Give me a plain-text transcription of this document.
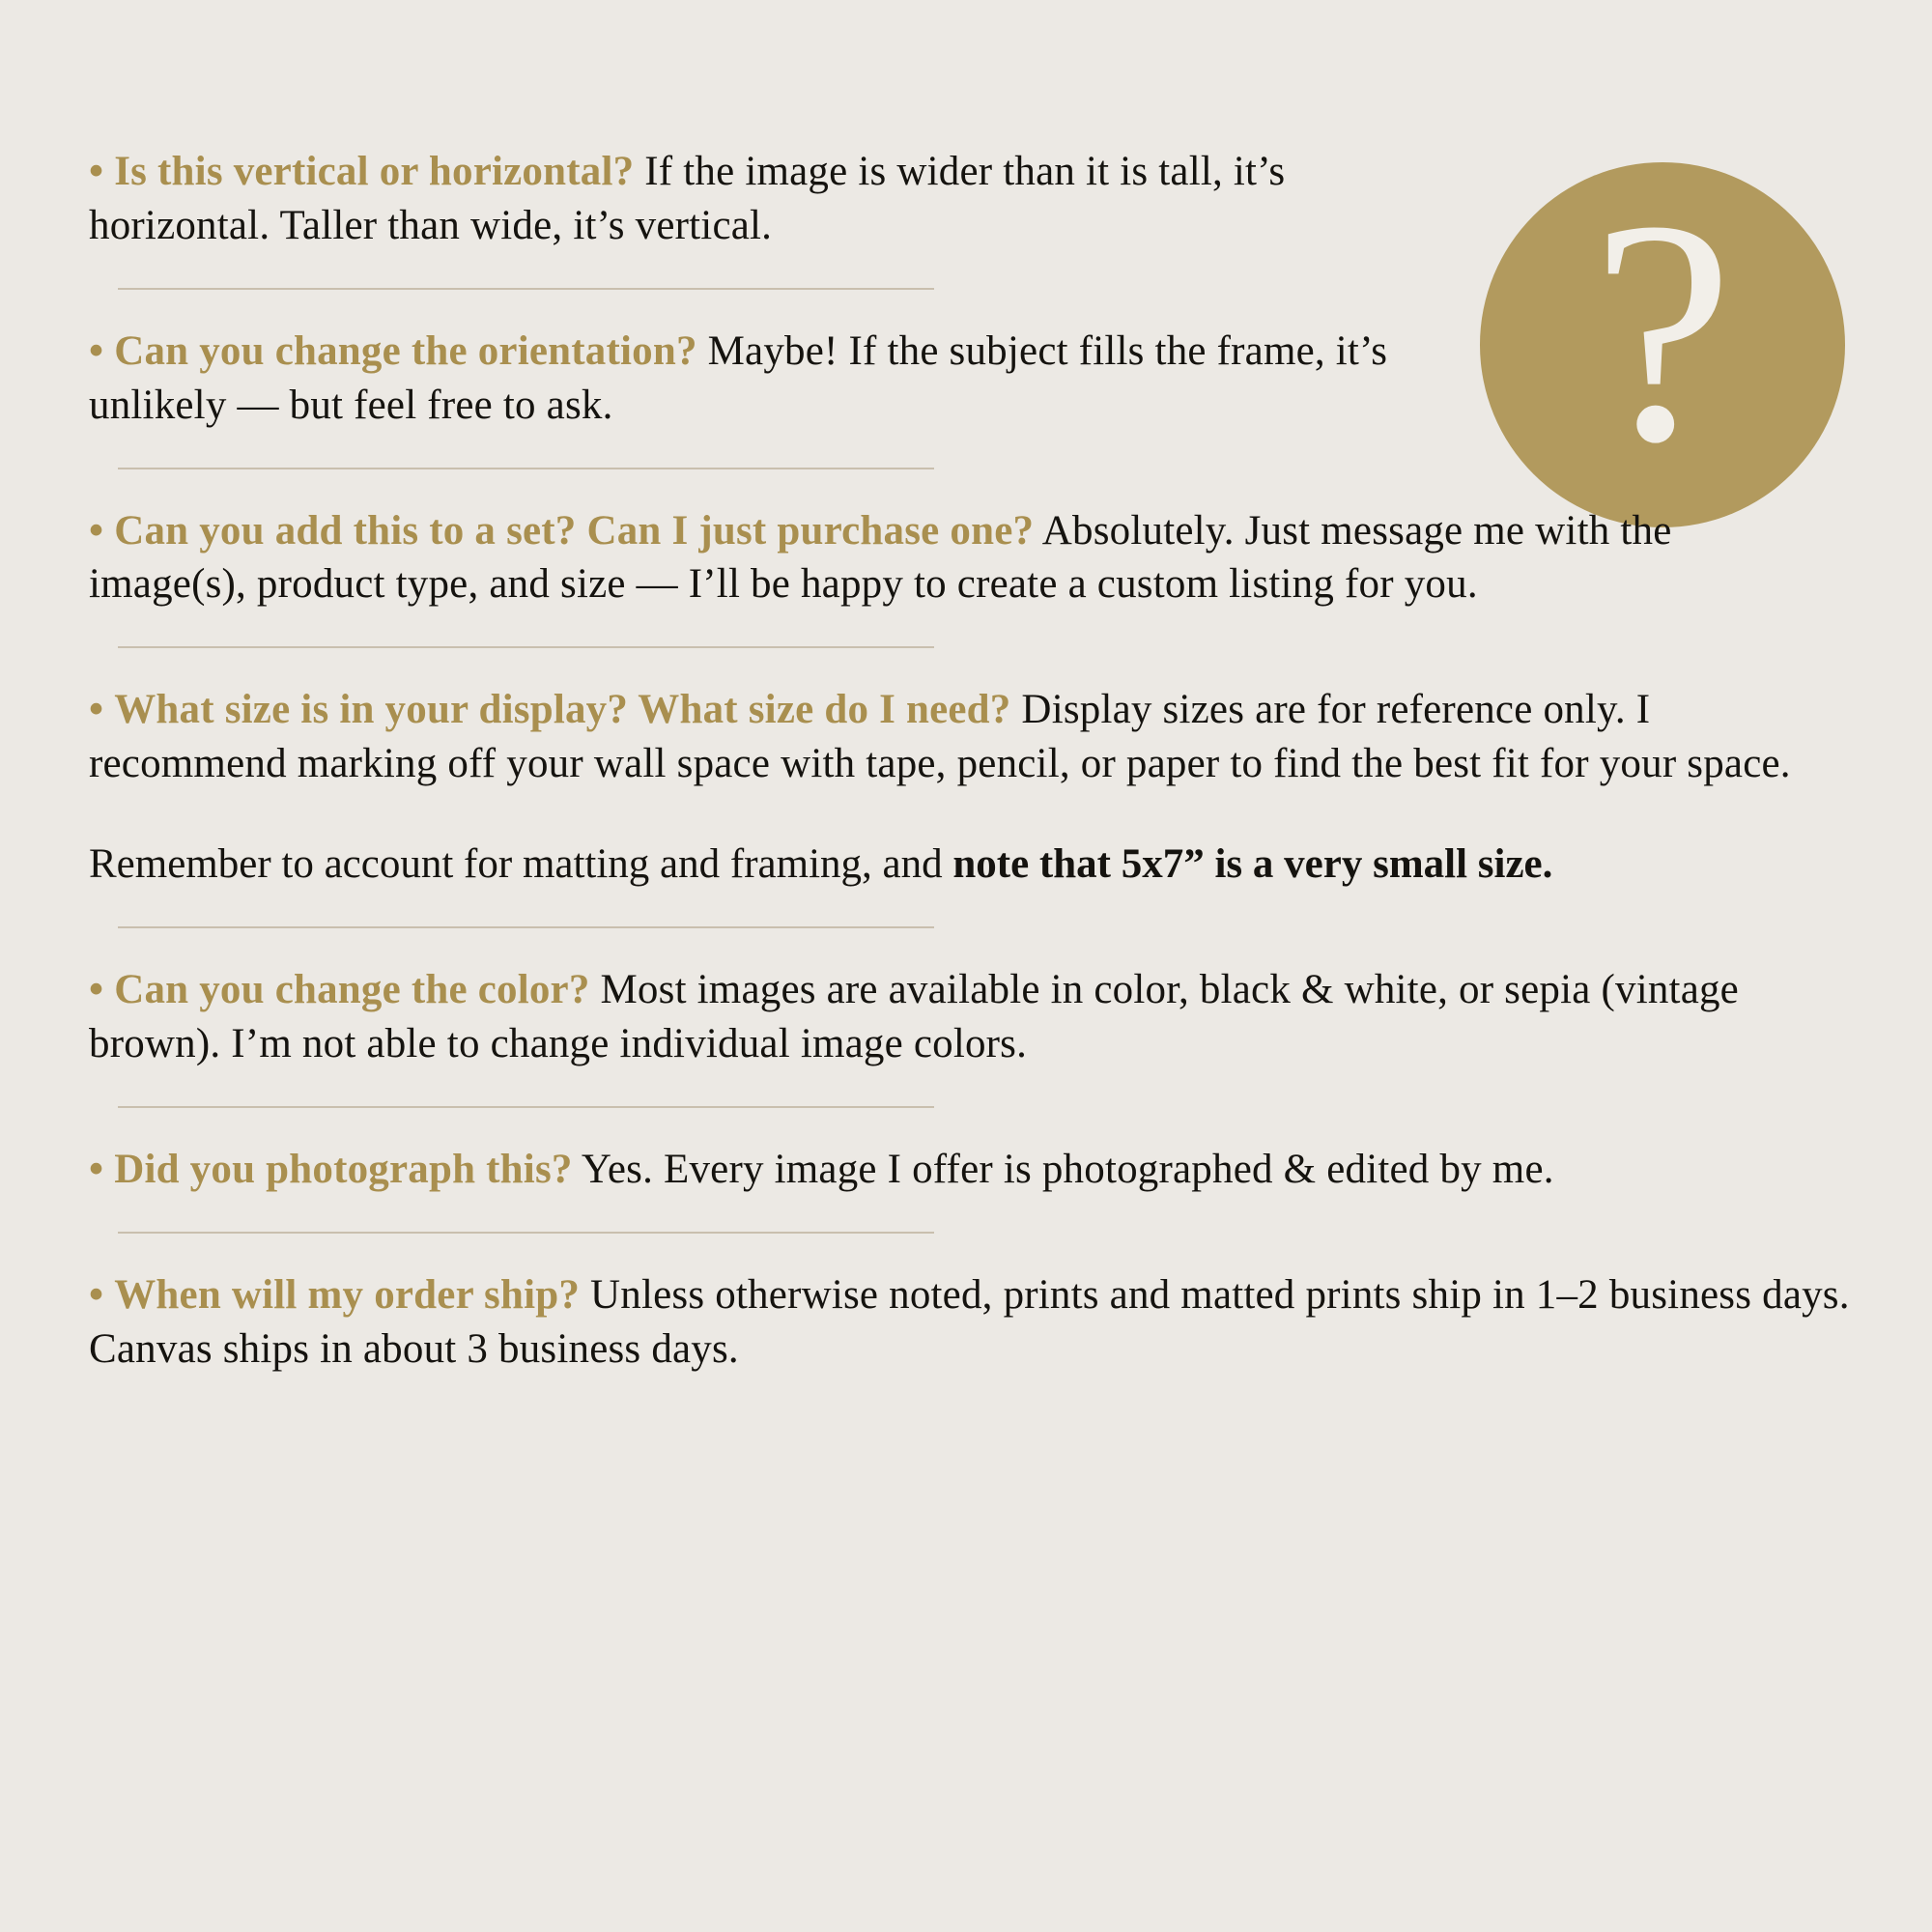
?

• Is this vertical or horizontal? If the image is wider than it is tall, it’s horizontal. Taller than wide, it’s vertical.

• Can you change the orientation? Maybe! If the subject fills the frame, it’s unlikely — but feel free to ask.

• Can you add this to a set? Can I just purchase one? Absolutely. Just message me with the image(s), product type, and size — I’ll be happy to create a custom listing for you.

• What size is in your display? What size do I need? Display sizes are for reference only. I recommend marking off your wall space with tape, pencil, or paper to find the best fit for your space.

Remember to account for matting and framing, and note that 5x7” is a very small size.

• Can you change the color? Most images are available in color, black & white, or sepia (vintage brown). I’m not able to change individual image colors.

• Did you photograph this? Yes. Every image I offer is photographed & edited by me.

• When will my order ship? Unless otherwise noted, prints and matted prints ship in 1–2 business days. Canvas ships in about 3 business days.
